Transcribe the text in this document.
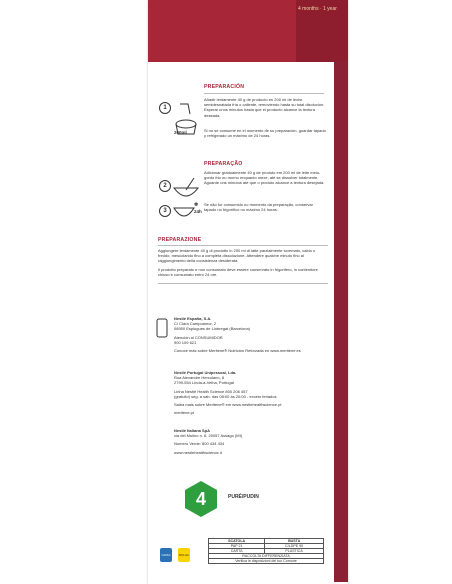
4 months · 1 year
PREPARACIÓN
Añadir lentamente 40 g de producto en 200 ml de leche semidesnatada fría o caliente, removiendo hasta su total disolución. Esperar unos minutos hasta que el producto alcance la textura deseada.
Si no se consume en el momento de su preparación, guardar tapado y refrigerado un máximo de 24 horas.
1
200ml
2
PREPARAÇÃO
Adicionar gradualmente 40 g de produto em 200 ml de leite meio-gordo frio ou morno enquanto mexe, até se dissolver totalmente. Aguarde uns minutos até que o produto alcance a textura desejada.
Se não for consumido no momento da preparação, conservar tapado no frigorífico no máximo 24 horas.
3
❄
24h
PREPARAZIONE
Aggiungere lentamente 40 g di prodotto in 200 ml di latte parzialmente scremato, caldo o freddo, mescolando fino a completa dissoluzione. Attendere qualche minuto fino al raggiungimento della consistenza desiderata.
Il prodotto preparato e non consumato deve essere conservato in frigorifero, in contenitore chiuso e consumato entro 24 ore.
Nestlé España, S.A.
C/ Clara Campoamor, 2
08950 Esplugues de Llobregat (Barcelona)
Atención al CONSUMIDOR
900 109 621
Conoce más sobre Meritene® Nutrición Reforzada en www.meritene.es
Nestlé Portugal Unipessoal, Lda.
Rua Alexandre Herculano, 8
2799-554 Linda-a-Velha, Portugal
Linha Nestlé Health Science 800 206 457
(gratuito) seg. a sáb. das 08:00 às 20:00 - exceto feriados
Saiba mais sobre Meritene® em www.nestlehealthscience.pt
meritene.pt
Nestlé Italiana SpA
via del Mulino n. 6, 20057 Assago (MI)
Numero Verde: 800 434 434
www.nestlehealthscience.it
4	PURÉ/PUDIN
CAIXA	BOLSA
SCATOLA	BUSTA
PAP 21	C/LDPE 90
CARTA	PLASTICA
RACCOLTA DIFFERENZIATA	
Verifica le disposizioni del tuo Comune	
